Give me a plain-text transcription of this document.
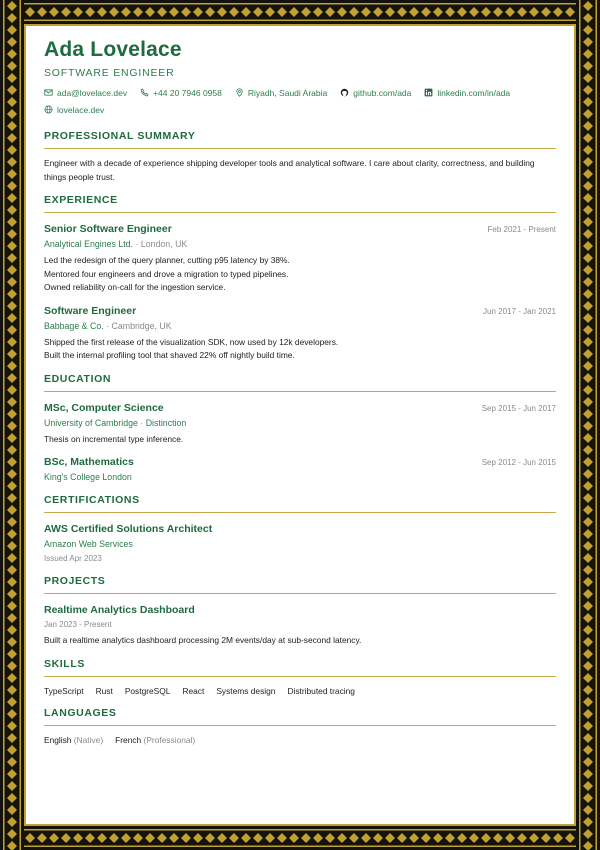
Ada Lovelace
SOFTWARE ENGINEER
ada@lovelace.dev	+44 20 7946 0958	Riyadh, Saudi Arabia	github.com/ada	linkedin.com/in/ada
lovelace.dev
PROFESSIONAL SUMMARY
Engineer with a decade of experience shipping developer tools and analytical software. I care about clarity, correctness, and building things people trust.
EXPERIENCE
Senior Software Engineer	Feb 2021 - Present
Analytical Engines Ltd. · London, UK
Led the redesign of the query planner, cutting p95 latency by 38%.
Mentored four engineers and drove a migration to typed pipelines.
Owned reliability on-call for the ingestion service.
Software Engineer	Jun 2017 - Jan 2021
Babbage & Co. · Cambridge, UK
Shipped the first release of the visualization SDK, now used by 12k developers.
Built the internal profiling tool that shaved 22% off nightly build time.
EDUCATION
MSc, Computer Science	Sep 2015 - Jun 2017
University of Cambridge · Distinction
Thesis on incremental type inference.
BSc, Mathematics	Sep 2012 - Jun 2015
King's College London
CERTIFICATIONS
AWS Certified Solutions Architect
Amazon Web Services
Issued Apr 2023
PROJECTS
Realtime Analytics Dashboard
Jan 2023 - Present
Built a realtime analytics dashboard processing 2M events/day at sub-second latency.
SKILLS
TypeScript Rust PostgreSQL React Systems design Distributed tracing
LANGUAGES
English (Native) French (Professional)
